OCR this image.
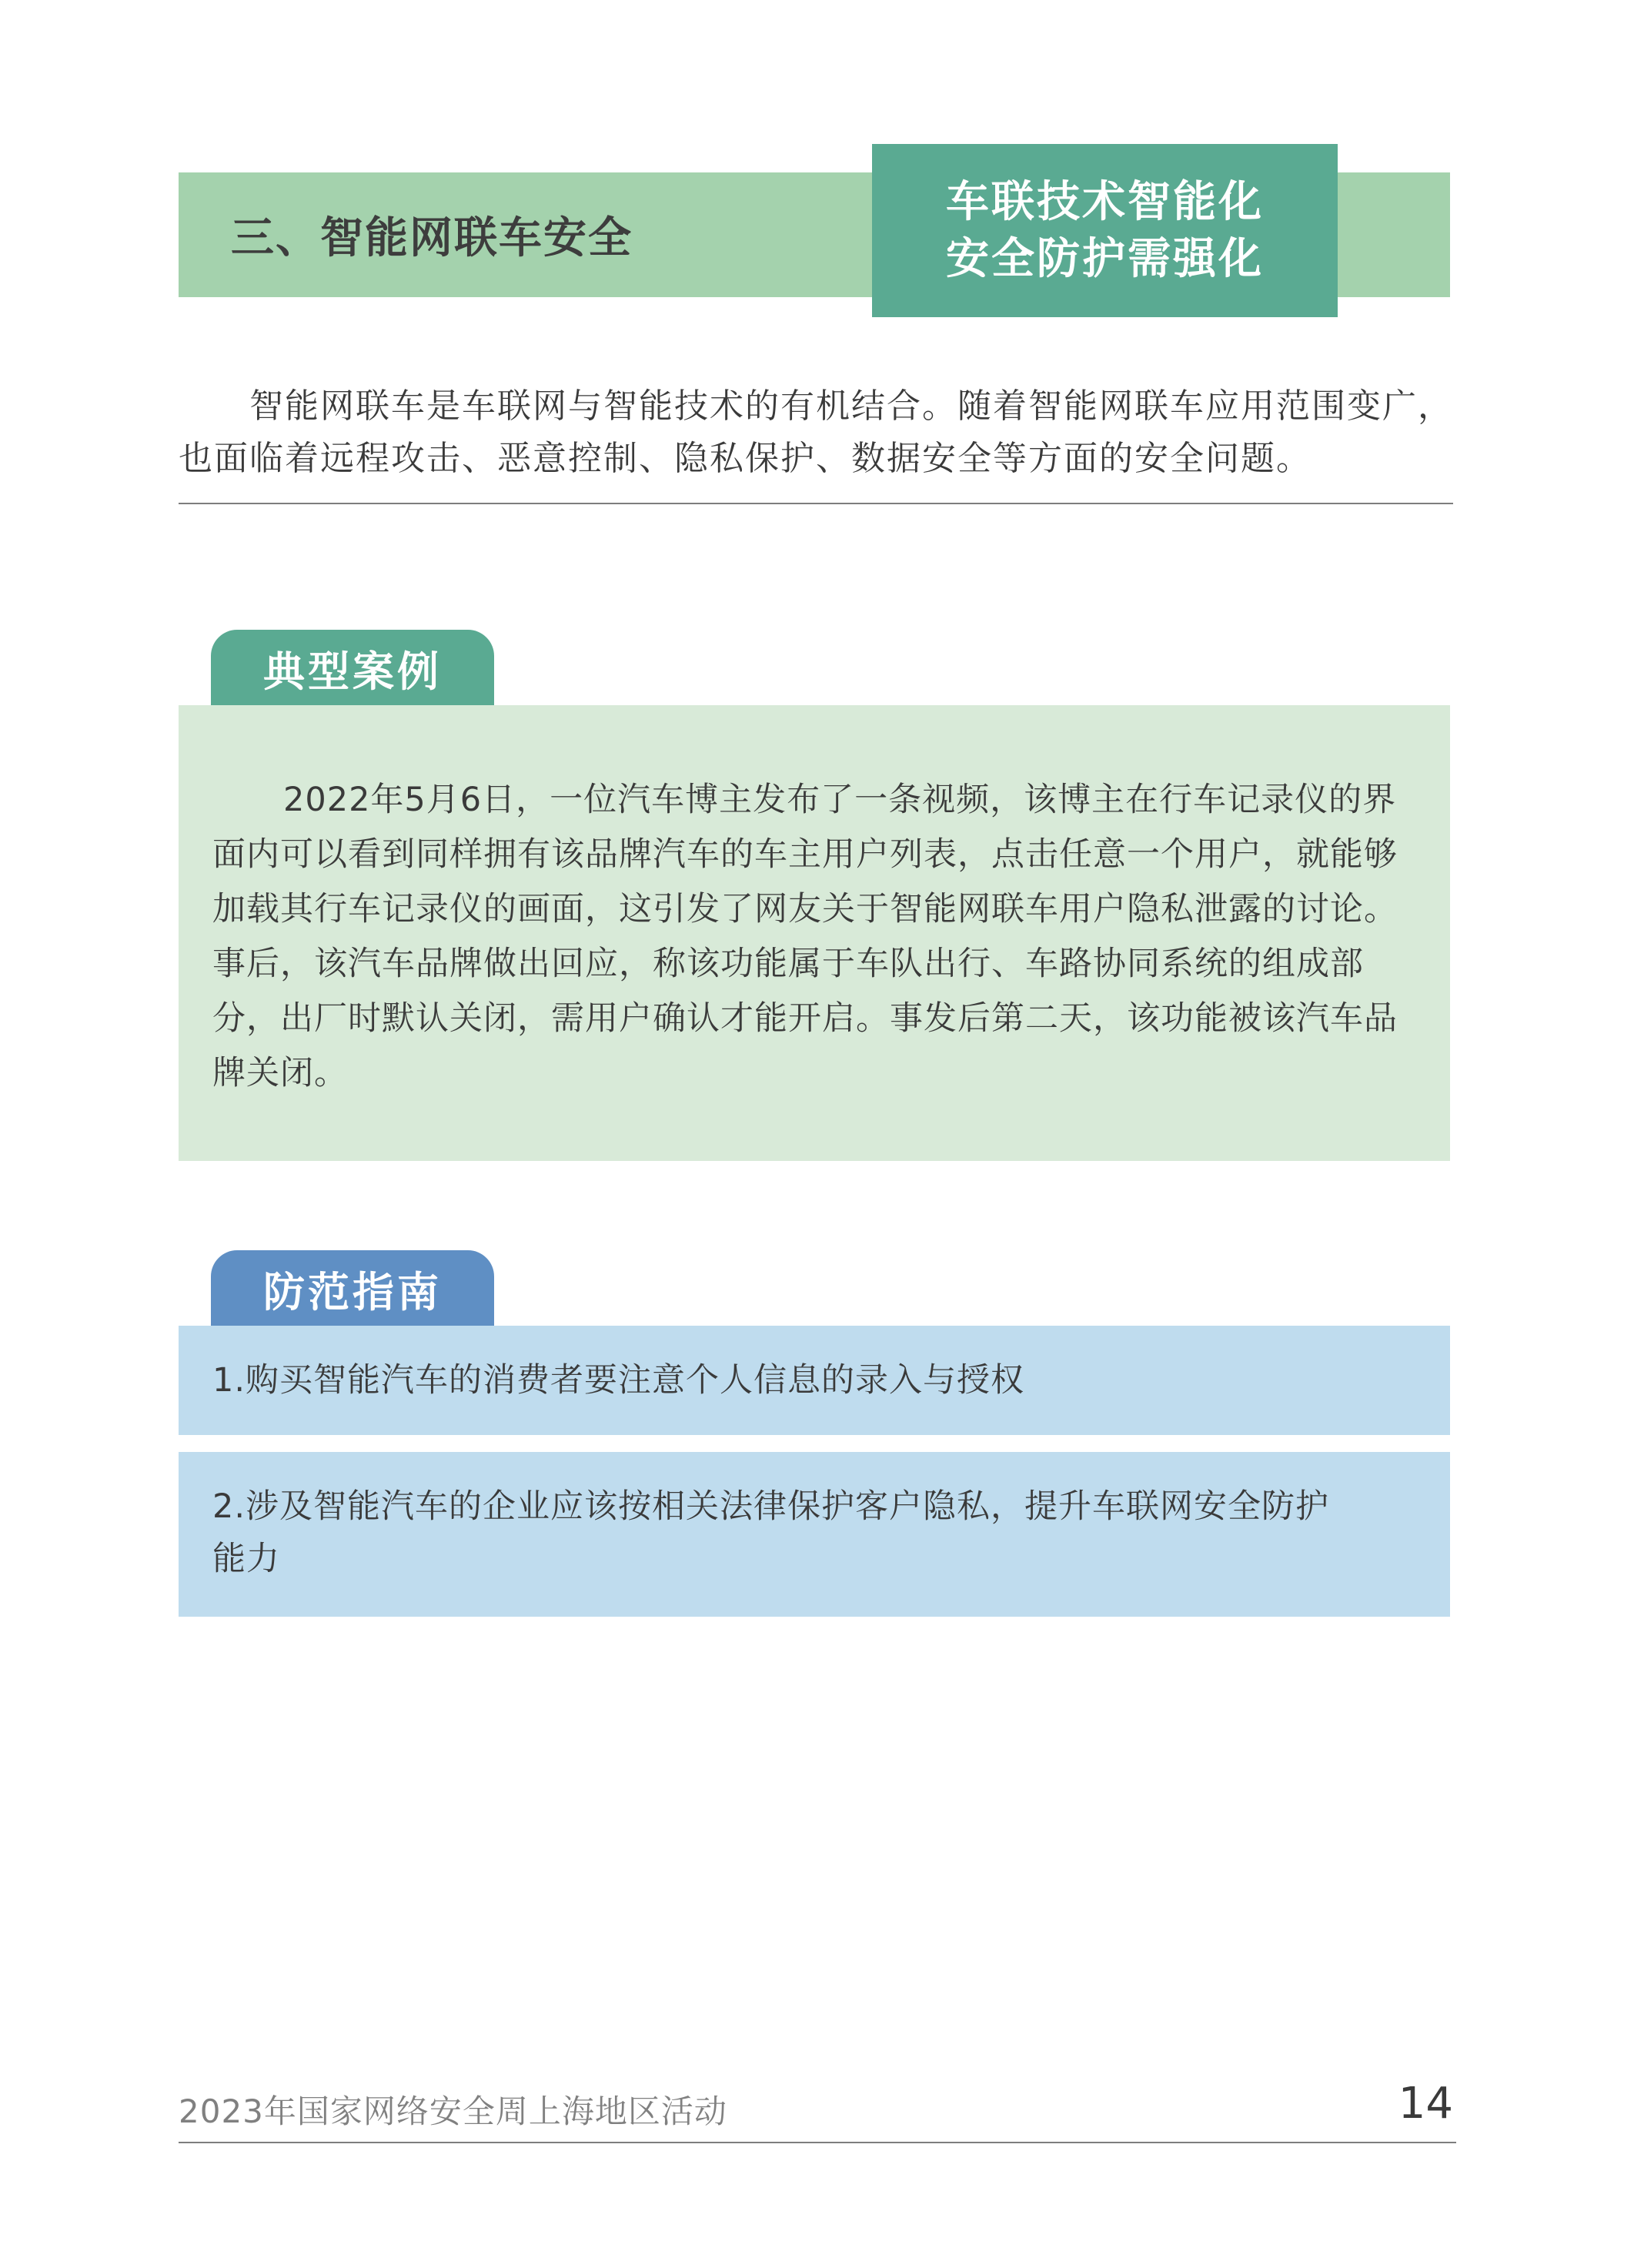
三、智能网联车安全
车联技术智能化
安全防护需强化
智能网联车是车联网与智能技术的有机结合。随着智能网联车应用范围变广，也面临着远程攻击、恶意控制、隐私保护、数据安全等方面的安全问题。
典型案例
2022年5月6日，一位汽车博主发布了一条视频，该博主在行车记录仪的界面内可以看到同样拥有该品牌汽车的车主用户列表，点击任意一个用户，就能够加载其行车记录仪的画面，这引发了网友关于智能网联车用户隐私泄露的讨论。事后，该汽车品牌做出回应，称该功能属于车队出行、车路协同系统的组成部分，出厂时默认关闭，需用户确认才能开启。事发后第二天，该功能被该汽车品牌关闭。
防范指南
1.购买智能汽车的消费者要注意个人信息的录入与授权
2.涉及智能汽车的企业应该按相关法律保护客户隐私，提升车联网安全防护能力
2023年国家网络安全周上海地区活动	14
